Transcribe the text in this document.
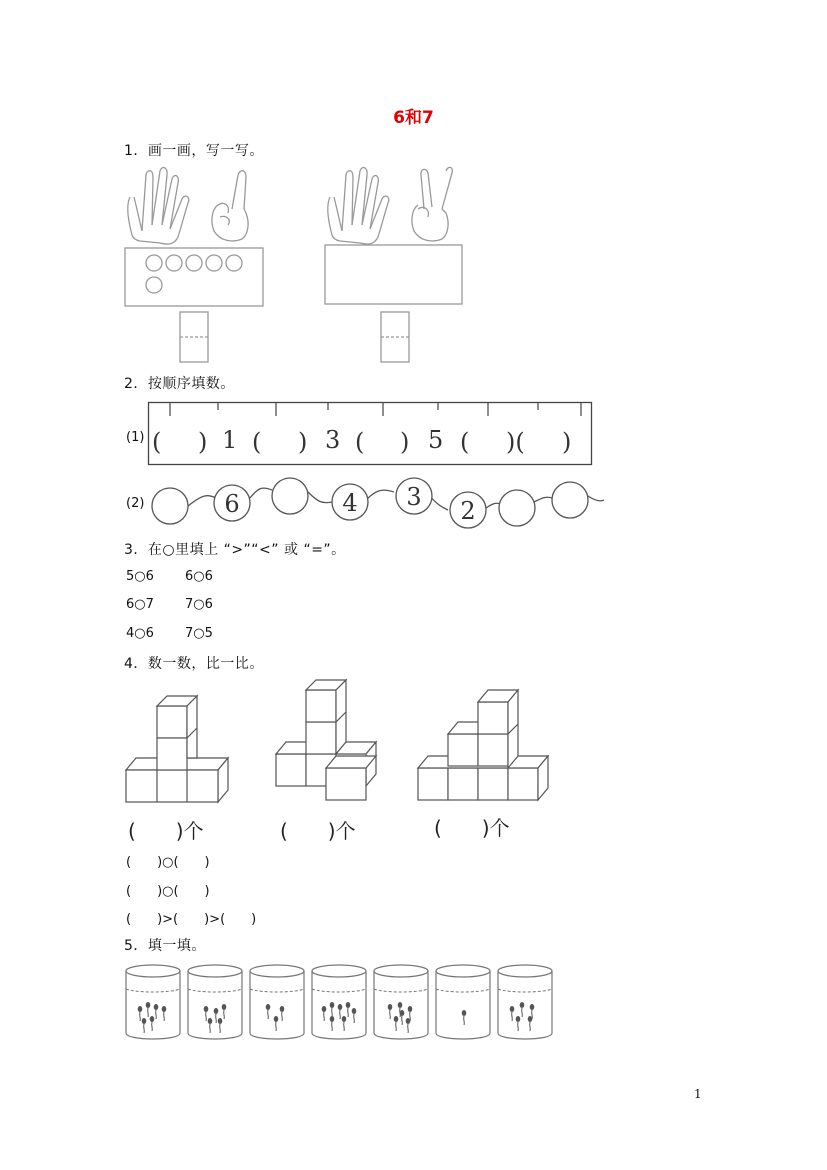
6和7
1．画一画，写一写。
2．按顺序填数。
(1) ( ) 1 ( ) 3 ( ) 5 ( )( )
(2)	6	4 3 2
3．在○里填上 “>”“<” 或 “=”。
5○6 6○6
6○7 7○6
4○6 7○5
4．数一数，比一比。
(　　)个	(　　)个	(　　)个
(　　)○(　　)
(　　)○(　　)
(　　)>(　　)>(　　)
5．填一填。
1
